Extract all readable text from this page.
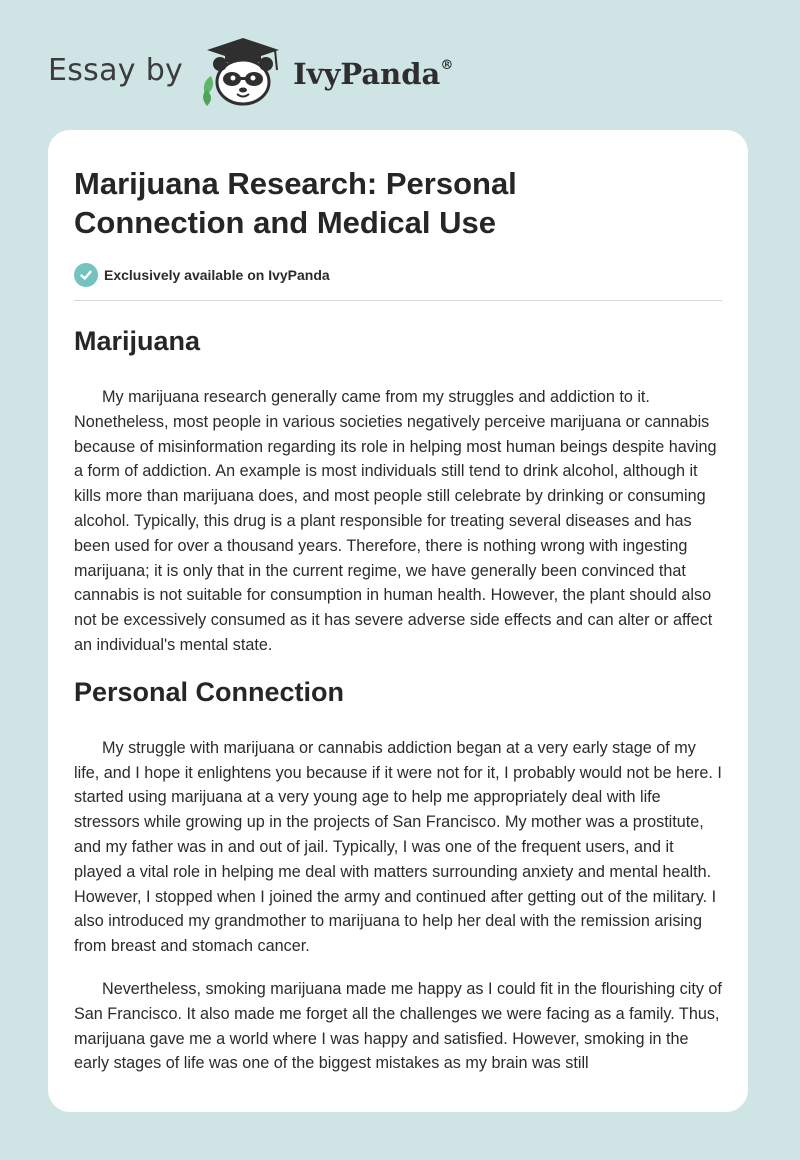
Essay by	IvyPanda®
Marijuana Research: Personal Connection and Medical Use
Exclusively available on IvyPanda
Marijuana

My marijuana research generally came from my struggles and addiction to it. Nonetheless, most people in various societies negatively perceive marijuana or cannabis because of misinformation regarding its role in helping most human beings despite having a form of addiction. An example is most individuals still tend to drink alcohol, although it kills more than marijuana does, and most people still celebrate by drinking or consuming alcohol. Typically, this drug is a plant responsible for treating several diseases and has been used for over a thousand years. Therefore, there is nothing wrong with ingesting marijuana; it is only that in the current regime, we have generally been convinced that cannabis is not suitable for consumption in human health. However, the plant should also not be excessively consumed as it has severe adverse side effects and can alter or affect an individual's mental state.

Personal Connection

My struggle with marijuana or cannabis addiction began at a very early stage of my life, and I hope it enlightens you because if it were not for it, I probably would not be here. I started using marijuana at a very young age to help me appropriately deal with life stressors while growing up in the projects of San Francisco. My mother was a prostitute, and my father was in and out of jail. Typically, I was one of the frequent users, and it played a vital role in helping me deal with matters surrounding anxiety and mental health. However, I stopped when I joined the army and continued after getting out of the military. I also introduced my grandmother to marijuana to help her deal with the remission arising from breast and stomach cancer.

Nevertheless, smoking marijuana made me happy as I could fit in the flourishing city of San Francisco. It also made me forget all the challenges we were facing as a family. Thus, marijuana gave me a world where I was happy and satisfied. However, smoking in the early stages of life was one of the biggest mistakes as my brain was still
